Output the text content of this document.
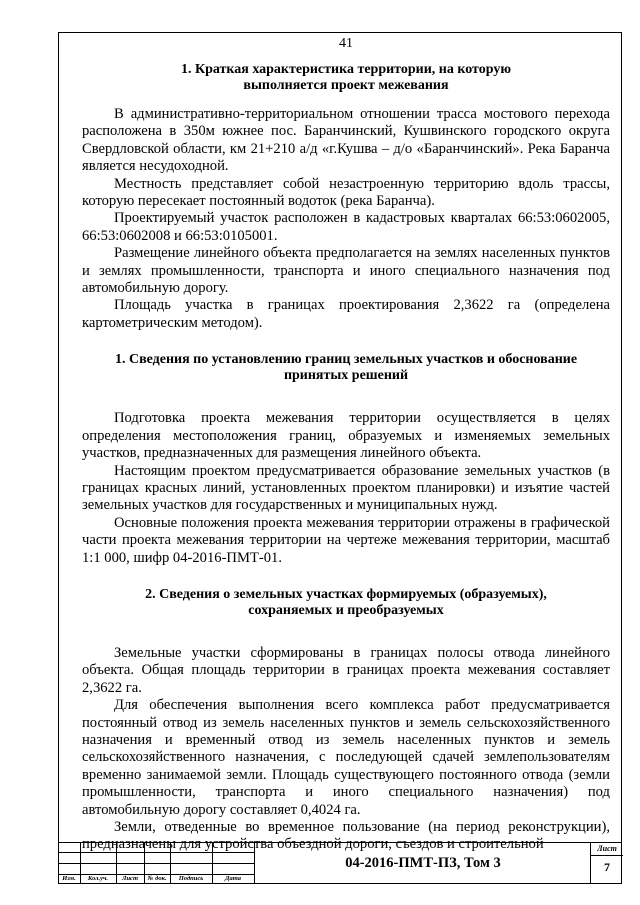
41
1. Краткая характеристика территории, на которую
выполняется проект межевания

В административно-территориальном отношении трасса мостового перехода расположена в 350м южнее пос. Баранчинский, Кушвинского городского округа Свердловской области, км 21+210 а/д «г.Кушва – д/о «Баранчинский». Река Баранча является несудоходной.

Местность представляет собой незастроенную территорию вдоль трассы, которую пересекает постоянный водоток (река Баранча).

Проектируемый участок расположен в кадастровых кварталах 66:53:0602005, 66:53:0602008 и 66:53:0105001.

Размещение линейного объекта предполагается на землях населенных пунктов и землях промышленности, транспорта и иного специального назначения под автомобильную дорогу.

Площадь участка в границах проектирования 2,3622 га (определена картометрическим методом).

1. Сведения по установлению границ земельных участков и обоснование
принятых решений

Подготовка проекта межевания территории осуществляется в целях определения местоположения границ, образуемых и изменяемых земельных участков, предназначенных для размещения линейного объекта.

Настоящим проектом предусматривается образование земельных участков (в границах красных линий, установленных проектом планировки) и изъятие частей земельных участков для государственных и муниципальных нужд.

Основные положения проекта межевания территории отражены в графической части проекта межевания территории на чертеже межевания территории, масштаб 1:1 000, шифр 04-2016-ПМТ-01.

2. Сведения о земельных участках формируемых (образуемых),
сохраняемых и преобразуемых

Земельные участки сформированы в границах полосы отвода линейного объекта. Общая площадь территории в границах проекта межевания составляет 2,3622 га.

Для обеспечения выполнения всего комплекса работ предусматривается постоянный отвод из земель населенных пунктов и земель сельскохозяйственного назначения и временный отвод из земель населенных пунктов и земель сельскохозяйственного назначения, с последующей сдачей землепользователям временно занимаемой земли. Площадь существующего постоянного отвода (земли промышленности, транспорта и иного специального назначения) под автомобильную дорогу составляет 0,4024 га.

Земли, отведенные во временное пользование (на период реконструкции), предназначены для устройства объездной дороги, съездов и строительной

Изм.	Кол.уч.	Лист	№ док.	Подпись	Дата
04-2016-ПМТ-ПЗ, Том 3
Лист
7
